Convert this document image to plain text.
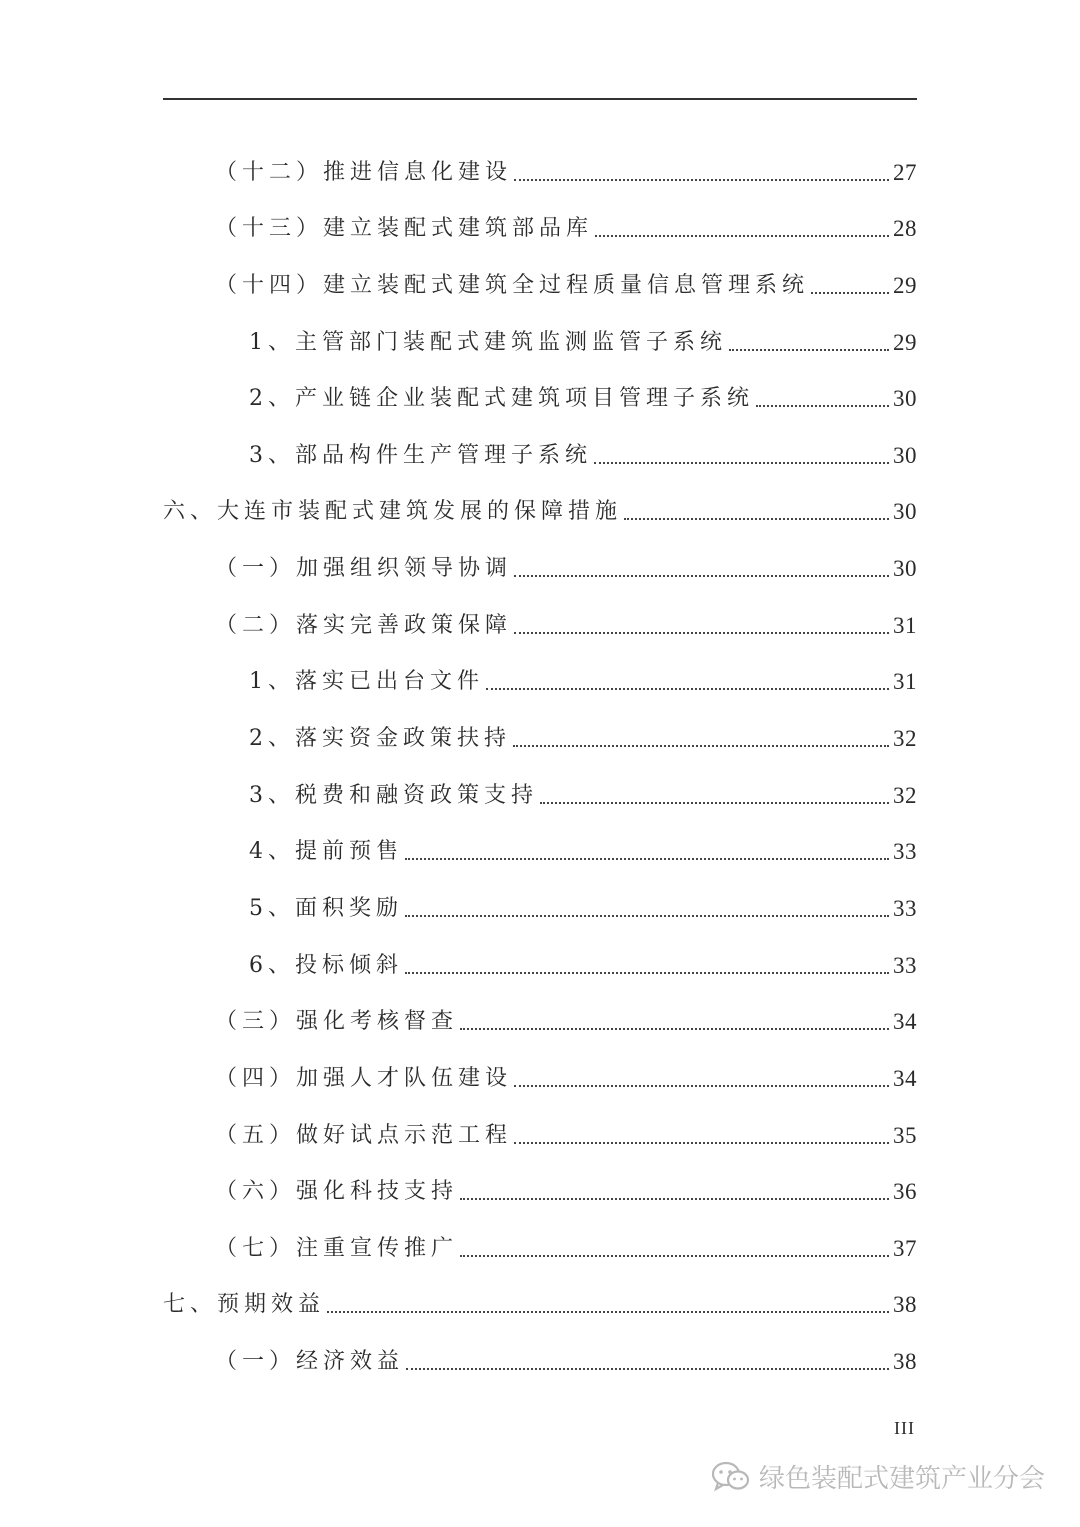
（十二）推进信息化建设	27
（十三）建立装配式建筑部品库	28
（十四）建立装配式建筑全过程质量信息管理系统	29
1、主管部门装配式建筑监测监管子系统	29
2、产业链企业装配式建筑项目管理子系统	30
3、部品构件生产管理子系统	30
六、大连市装配式建筑发展的保障措施	30
（一）加强组织领导协调	30
（二）落实完善政策保障	31
1、落实已出台文件	31
2、落实资金政策扶持	32
3、税费和融资政策支持	32
4、提前预售	33
5、面积奖励	33
6、投标倾斜	33
（三）强化考核督查	34
（四）加强人才队伍建设	34
（五）做好试点示范工程	35
（六）强化科技支持	36
（七）注重宣传推广	37
七、预期效益	38
（一）经济效益	38
III
绿色装配式建筑产业分会
